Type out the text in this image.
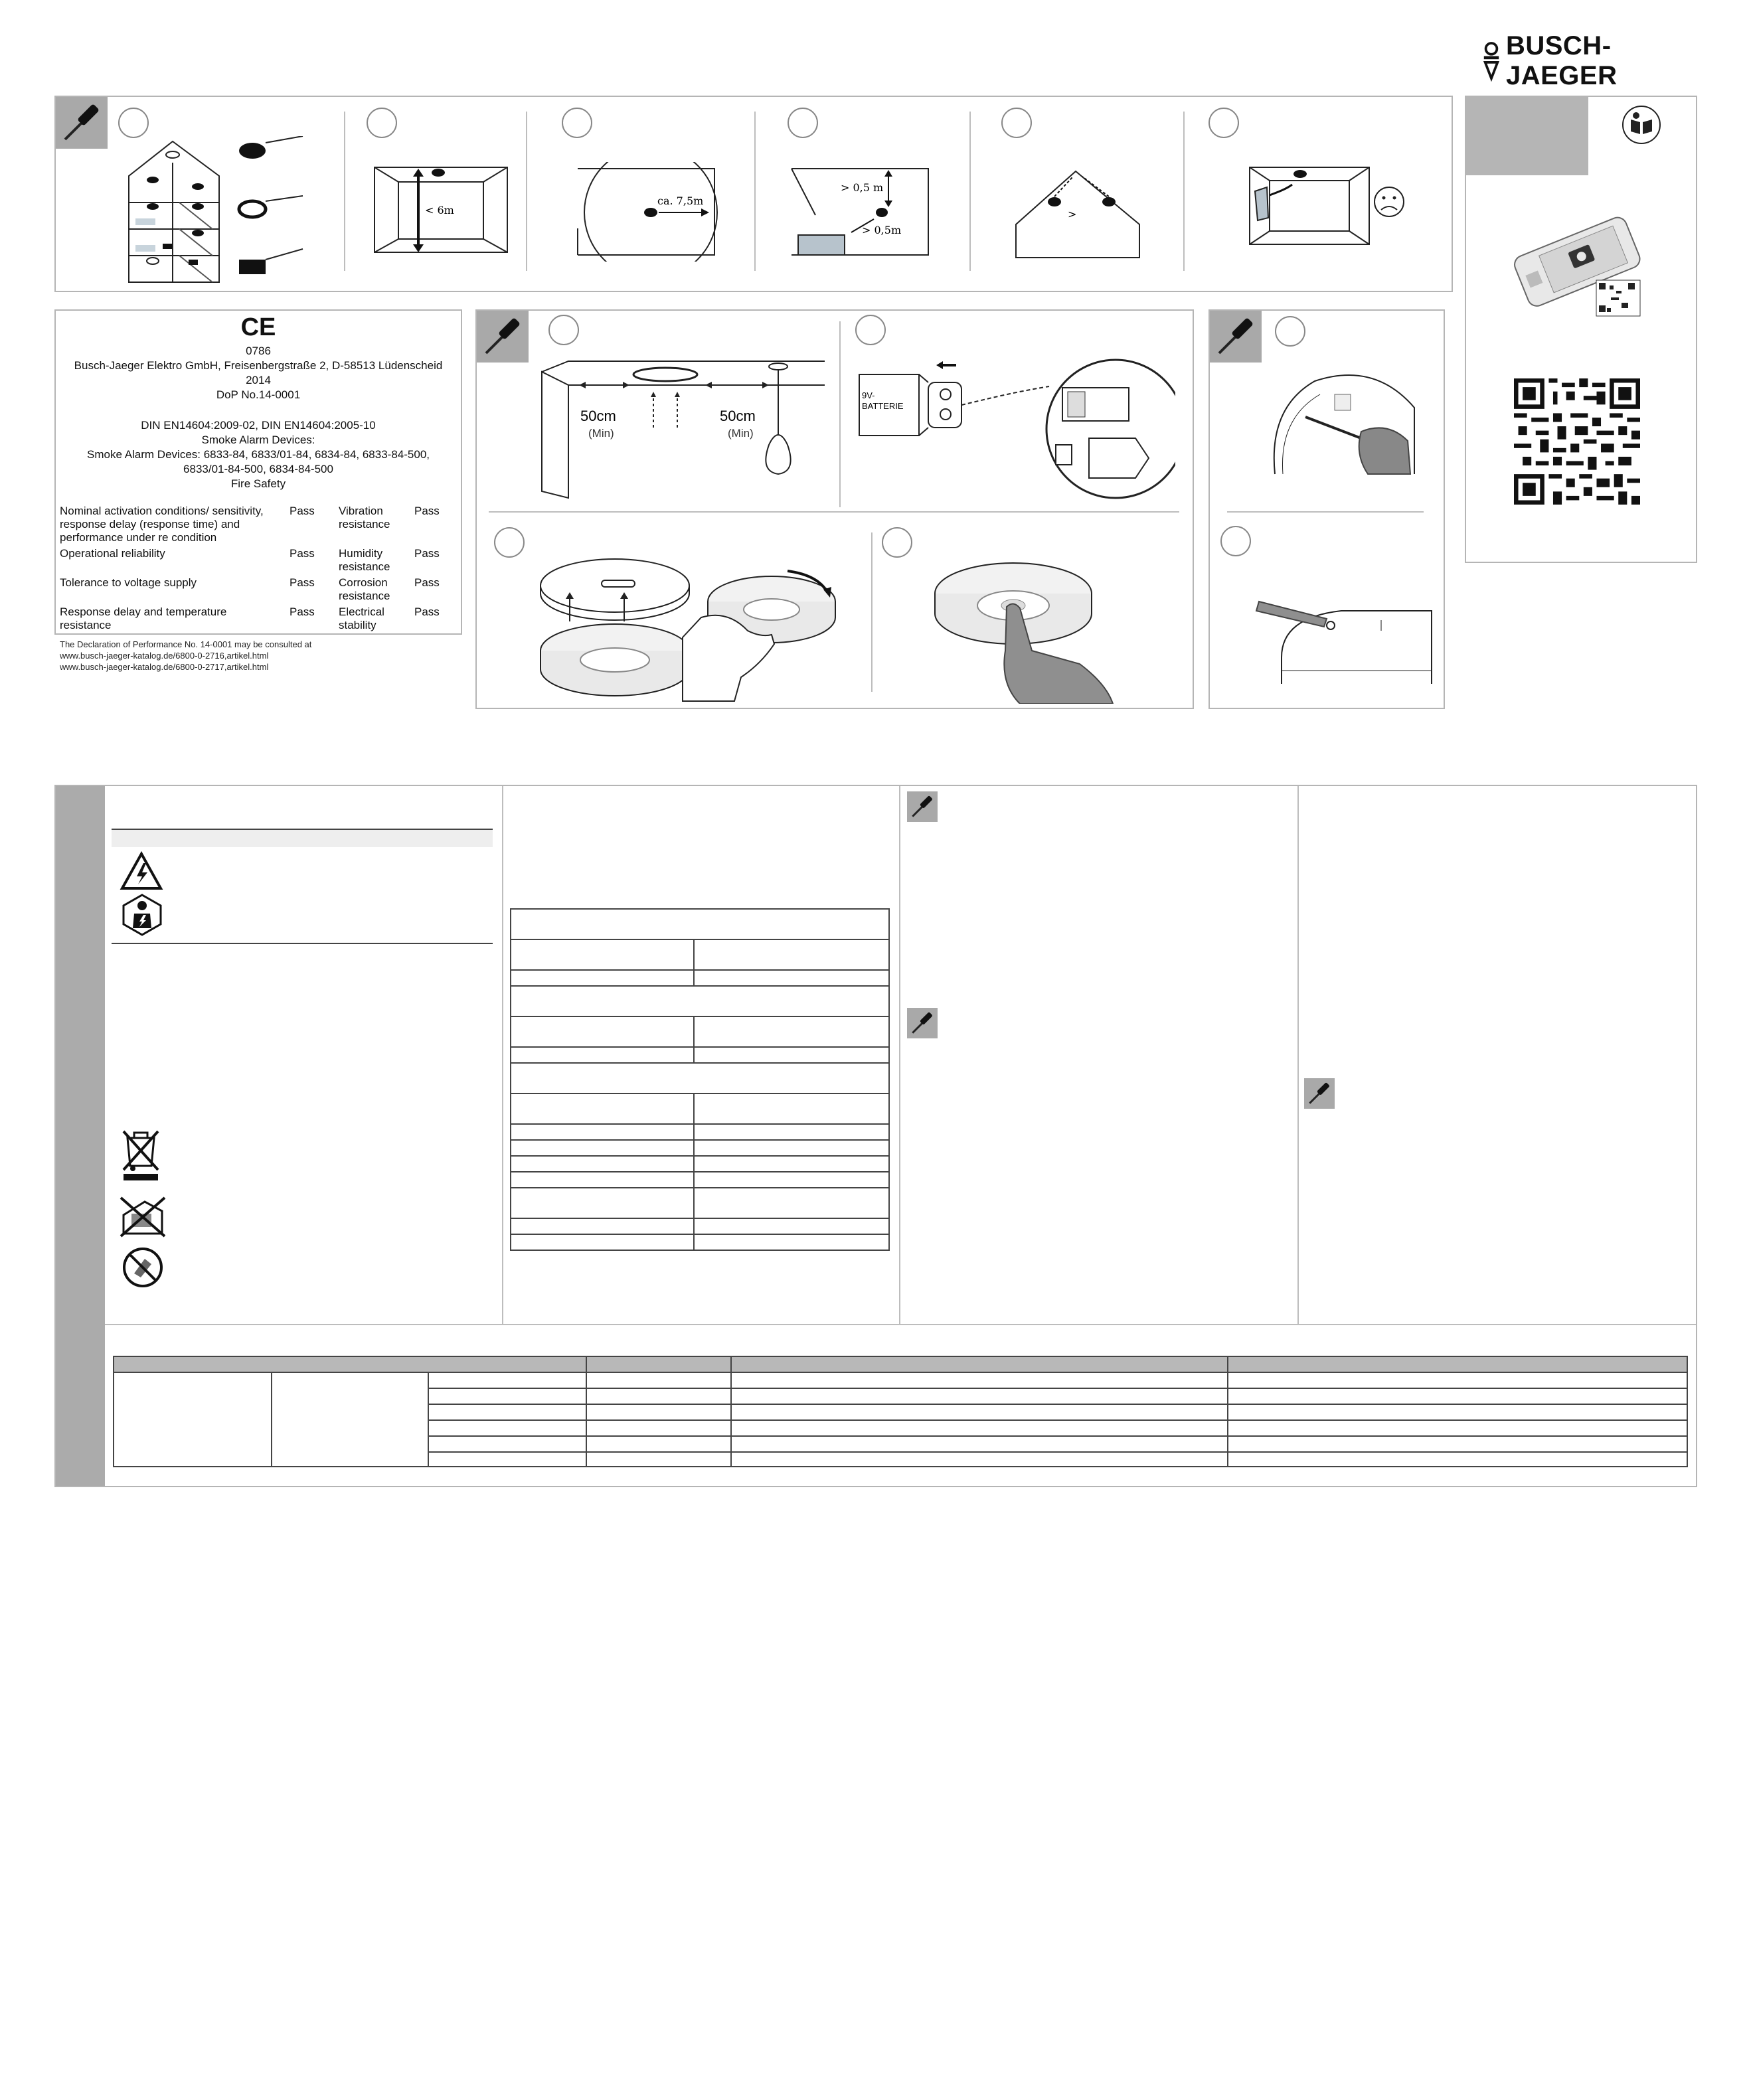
BUSCH-JAEGER
< 6m
ca. 7,5m
> 0,5 m
> 0,5m
>
CE
0786
Busch-Jaeger Elektro GmbH, Freisenbergstraße 2, D-58513 Lüdenscheid
2014
DoP No.14-0001
DIN EN14604:2009-02, DIN EN14604:2005-10
Smoke Alarm Devices:
Smoke Alarm Devices: 6833-84, 6833/01-84, 6834-84, 6833-84-500,
6833/01-84-500, 6834-84-500
Fire Safety
Nominal activation conditions/ sensitivity, response delay (response time) and performance under re condition
Pass Vibration resistance
Pass
Operational reliability	Pass Humidity resistance
Pass
Tolerance to voltage supply	Pass Corrosion resistance
Pass
Response delay and temperature resistance
Pass Electrical stability
Pass
The Declaration of Performance No. 14-0001 may be consulted at
www.busch-jaeger-katalog.de/6800-0-2716,artikel.html
www.busch-jaeger-katalog.de/6800-0-2717,artikel.html
50cm
(Min)
50cm
(Min)
9V-
BATTERIE
